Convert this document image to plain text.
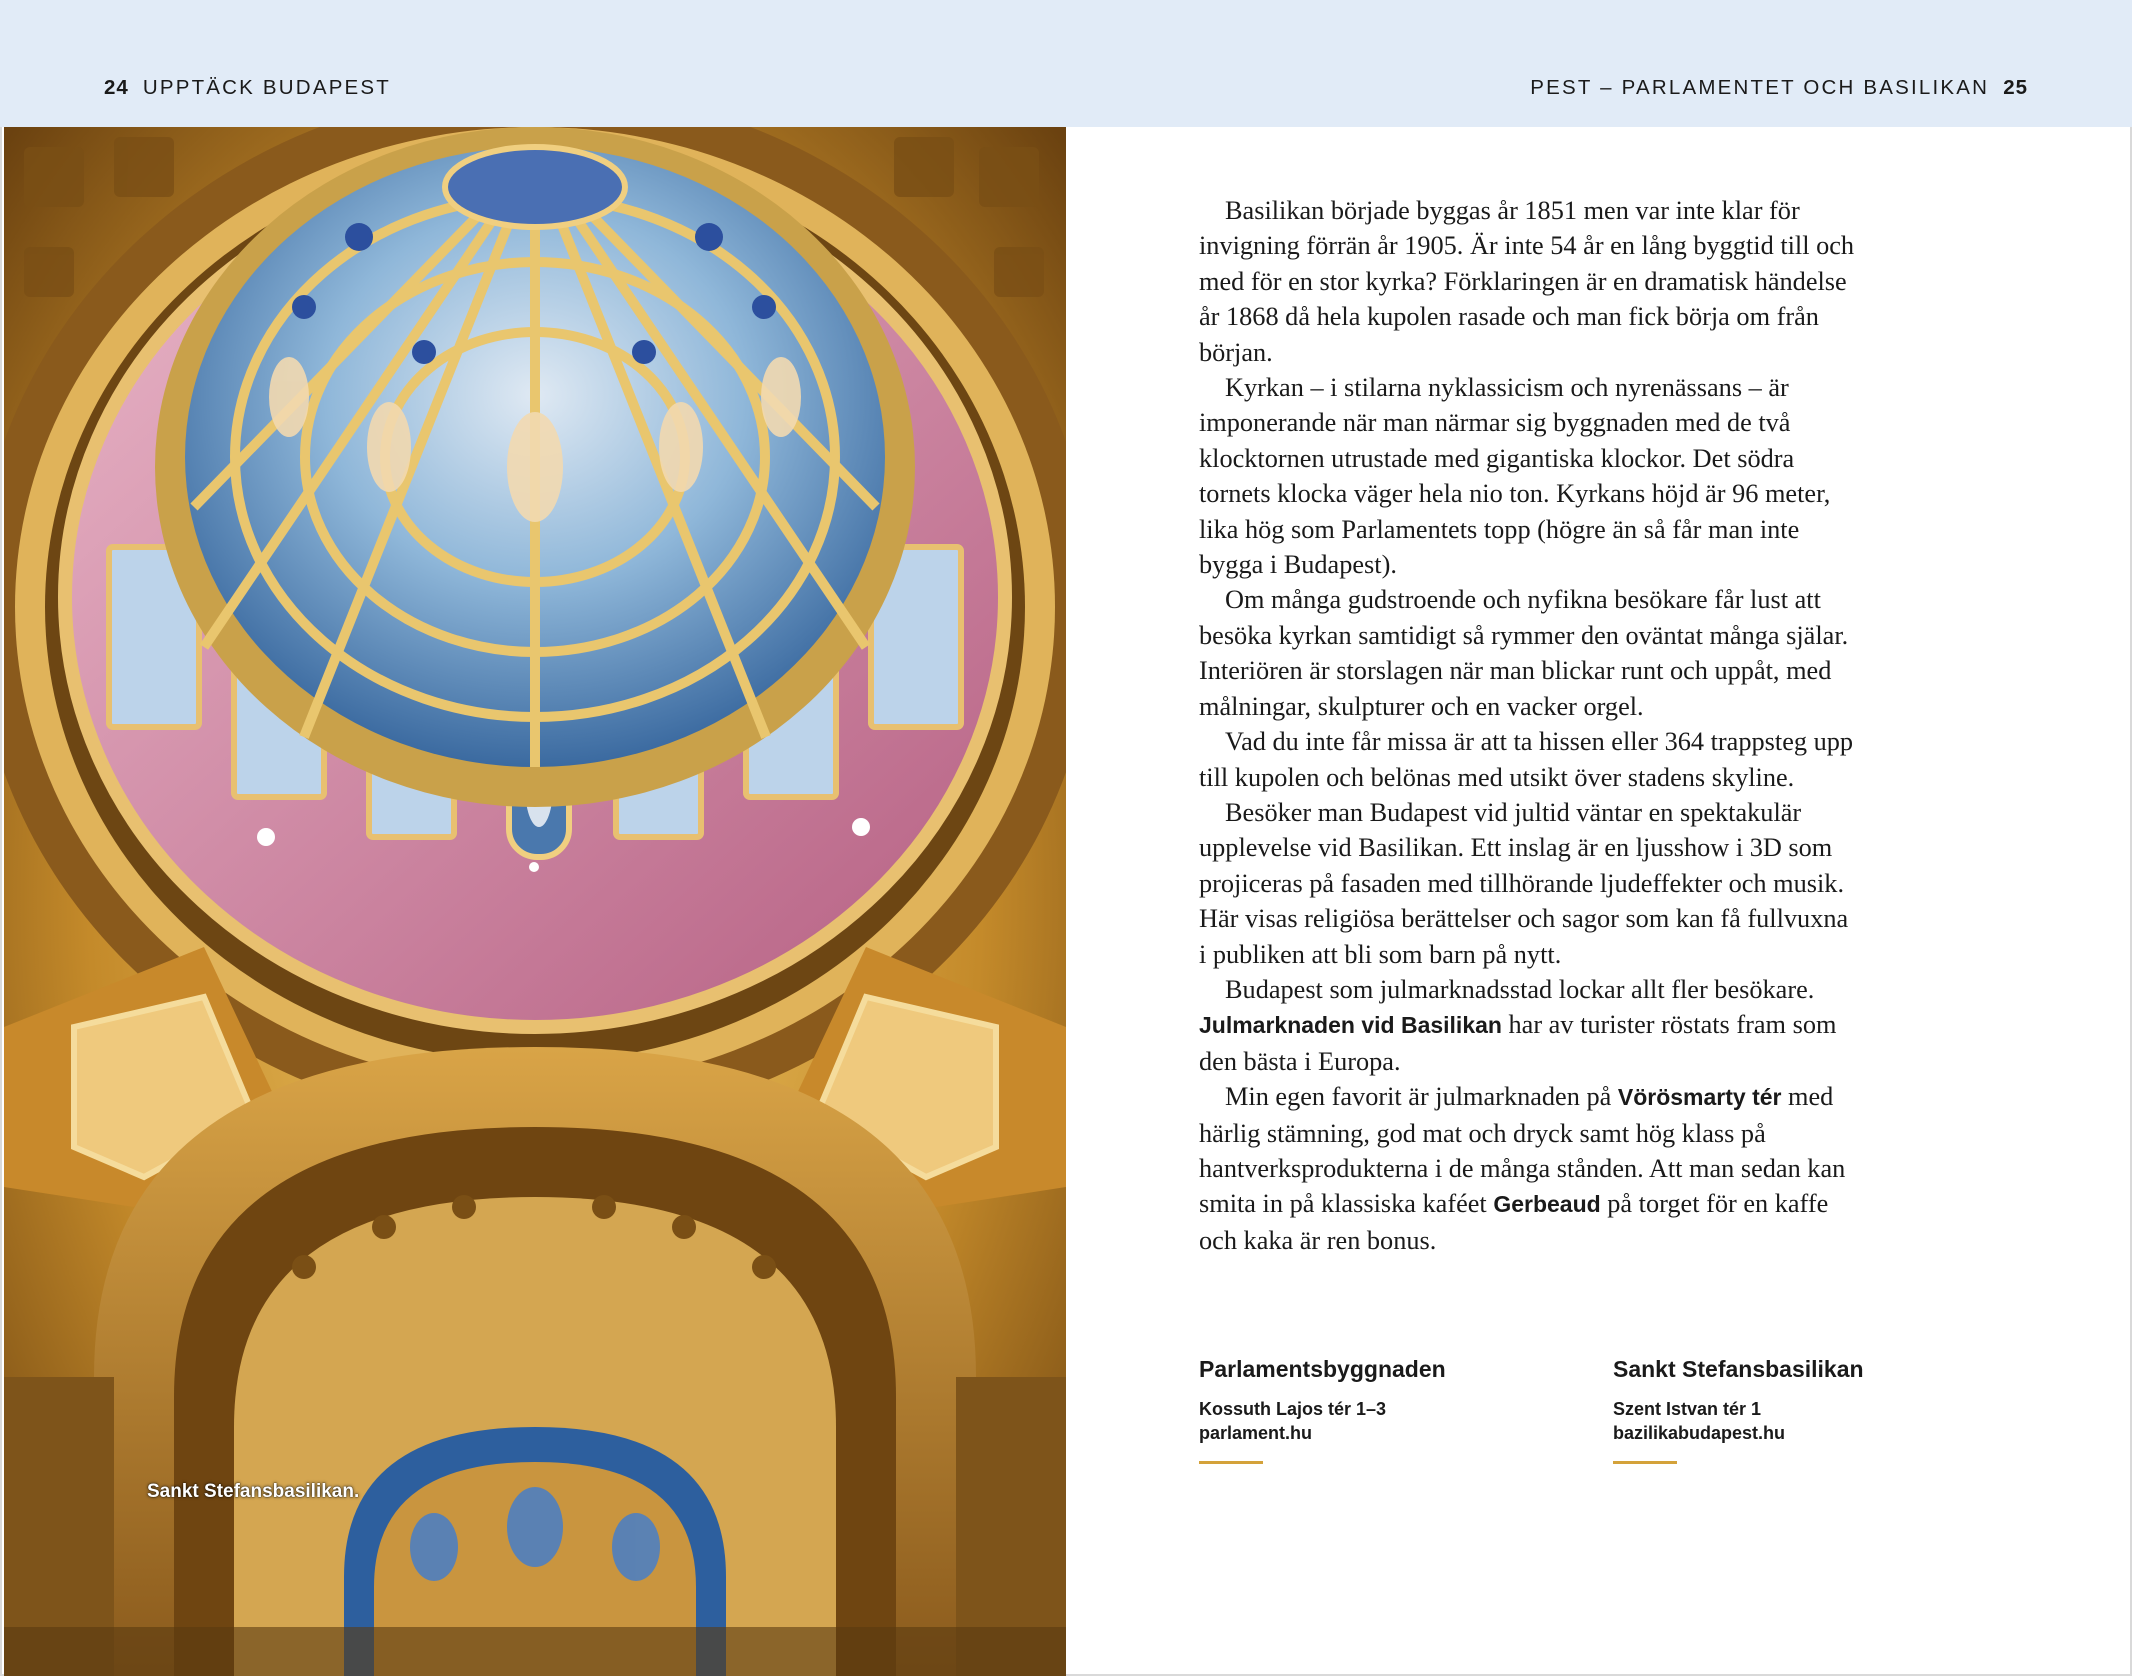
24 UPPTÄCK BUDAPEST	PEST – PARLAMENTET OCH BASILIKAN 25
Sankt Stefansbasilikan.

Basilikan började byggas år 1851 men var inte klar för invigning förrän år 1905. Är inte 54 år en lång byggtid till och med för en stor kyrka? Förklaringen är en dramatisk händelse år 1868 då hela kupolen rasade och man fick börja om från början.

Kyrkan – i stilarna nyklassicism och nyrenässans – är imponerande när man närmar sig byggnaden med de två klocktornen utrustade med gigantiska klockor. Det södra tornets klocka väger hela nio ton. Kyrkans höjd är 96 meter, lika hög som Parlamentets topp (högre än så får man inte bygga i Budapest).

Om många gudstroende och nyfikna besökare får lust att besöka kyrkan samtidigt så rymmer den oväntat många själar. Interiören är storslagen när man blickar runt och uppåt, med målningar, skulpturer och en vacker orgel.

Vad du inte får missa är att ta hissen eller 364 trappsteg upp till kupolen och belönas med utsikt över stadens skyline.

Besöker man Budapest vid jultid väntar en spektakulär upplevelse vid Basilikan. Ett inslag är en ljusshow i 3D som projiceras på fasaden med tillhörande ljudeffekter och musik. Här visas religiösa berättelser och sagor som kan få fullvuxna i publiken att bli som barn på nytt.

Budapest som julmarknadsstad lockar allt fler besökare. Julmarknaden vid Basilikan har av turister röstats fram som den bästa i Europa.

Min egen favorit är julmarknaden på Vörösmarty tér med härlig stämning, god mat och dryck samt hög klass på hantverksprodukterna i de många stånden. Att man sedan kan smita in på klassiska kaféet Gerbeaud på torget för en kaffe och kaka är ren bonus.

Parlamentsbyggnaden
Kossuth Lajos tér 1–3
parlament.hu
Sankt Stefansbasilikan
Szent Istvan tér 1
bazilikabudapest.hu
